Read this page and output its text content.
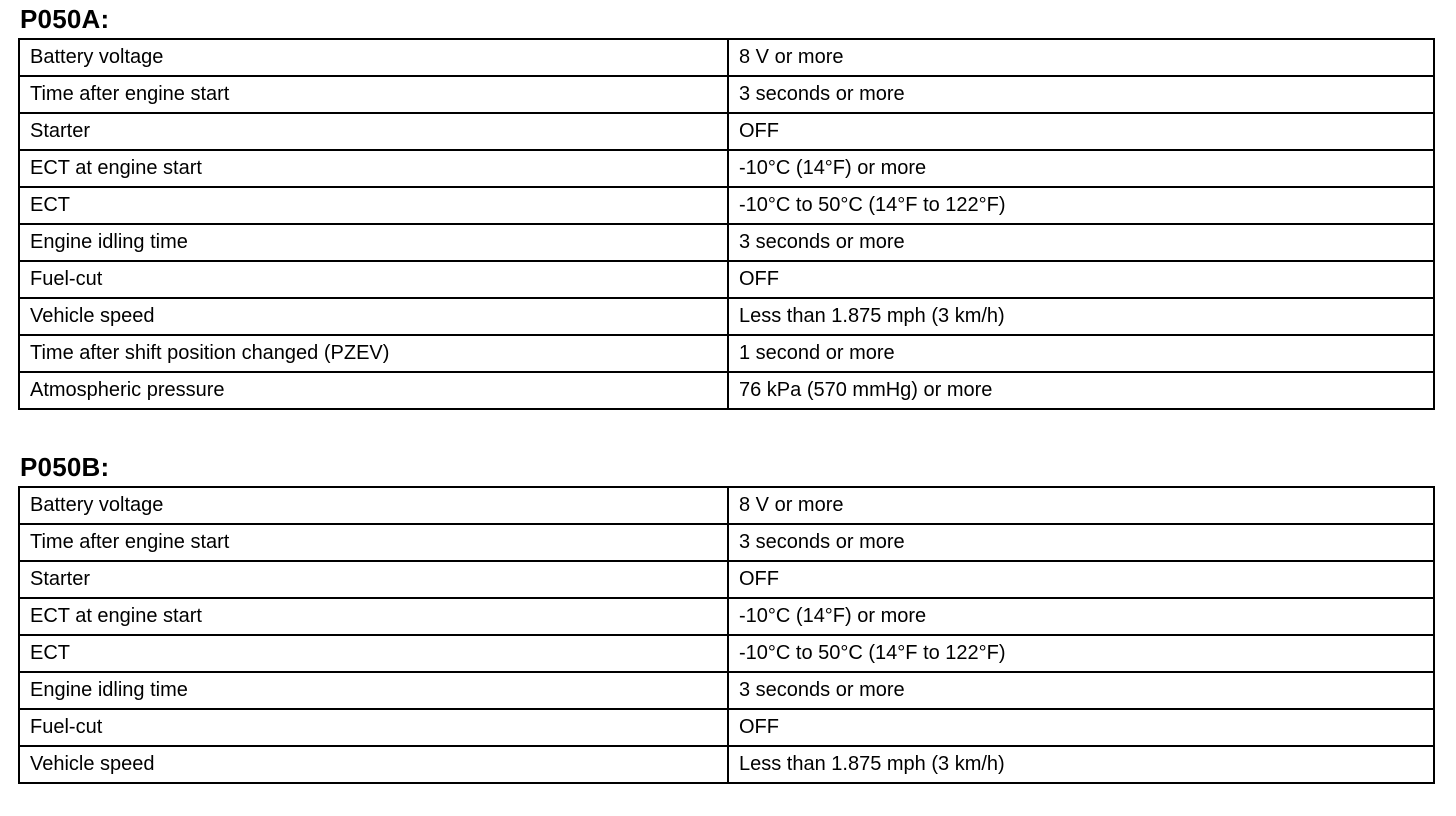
P050A:
Battery voltage	8 V or more
Time after engine start	3 seconds or more
Starter	OFF
ECT at engine start	-10°C (14°F) or more
ECT	-10°C to 50°C (14°F to 122°F)
Engine idling time	3 seconds or more
Fuel-cut	OFF
Vehicle speed	Less than 1.875 mph (3 km/h)
Time after shift position changed (PZEV)	1 second or more
Atmospheric pressure	76 kPa (570 mmHg) or more
P050B:
Battery voltage	8 V or more
Time after engine start	3 seconds or more
Starter	OFF
ECT at engine start	-10°C (14°F) or more
ECT	-10°C to 50°C (14°F to 122°F)
Engine idling time	3 seconds or more
Fuel-cut	OFF
Vehicle speed	Less than 1.875 mph (3 km/h)
